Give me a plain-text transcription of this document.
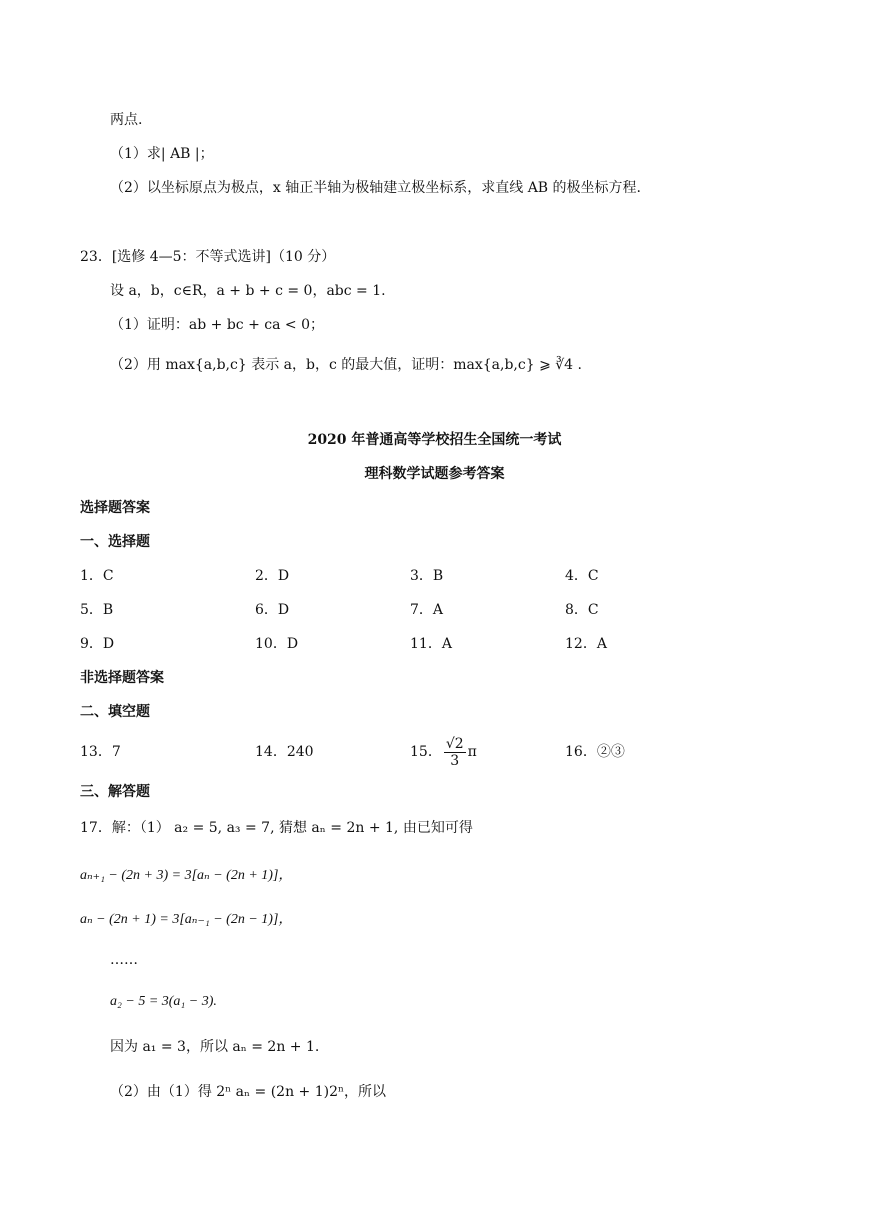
两点.
（1）求| AB |；
（2）以坐标原点为极点，x 轴正半轴为极轴建立极坐标系，求直线 AB 的极坐标方程.
23．[选修 4—5：不等式选讲]（10 分）
设 a，b，c∈R，a + b + c = 0，abc = 1.
（1）证明：ab + bc + ca < 0；
（2）用 max{a,b,c} 表示 a，b，c 的最大值，证明：max{a,b,c} ⩾ ∛4 .
2020 年普通高等学校招生全国统一考试
理科数学试题参考答案
选择题答案
一、选择题
1．C	2．D	3．B	4．C
5．B	6．D	7．A	8．C
9．D	10．D	11．A	12．A
非选择题答案
二、填空题
13．7	14．240	15． $\frac{√2}{3}$ π	16．②③
三、解答题
17．解：（1） a₂ = 5, a₃ = 7, 猜想 aₙ = 2n + 1, 由已知可得
aₙ₊₁ − (2n + 3) = 3[aₙ − (2n + 1)]，
aₙ − (2n + 1) = 3[aₙ₋₁ − (2n − 1)]，
……
a₂ − 5 = 3(a₁ − 3).
因为 a₁ = 3，所以 aₙ = 2n + 1.
（2）由（1）得 2ⁿ aₙ = (2n + 1)2ⁿ，所以
